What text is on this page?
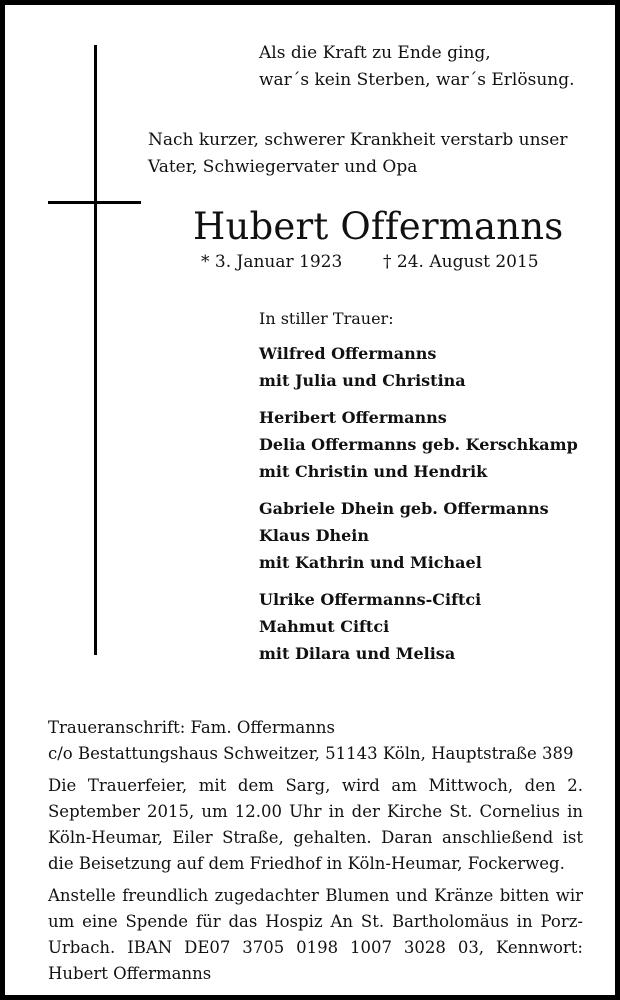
Als die Kraft zu Ende ging,
war´s kein Sterben, war´s Erlösung.
Nach kurzer, schwerer Krankheit verstarb unser Vater, Schwiegervater und Opa
Hubert Offermanns
* 3. Januar 1923 † 24. August 2015
In stiller Trauer:
Wilfred Offermanns
mit Julia und Christina
Heribert Offermanns
Delia Offermanns geb. Kerschkamp
mit Christin und Hendrik
Gabriele Dhein geb. Offermanns
Klaus Dhein
mit Kathrin und Michael
Ulrike Offermanns-Ciftci
Mahmut Ciftci
mit Dilara und Melisa

Traueranschrift: Fam. Offermanns

c/o Bestattungshaus Schweitzer, 51143 Köln, Hauptstraße 389

Die Trauerfeier, mit dem Sarg, wird am Mittwoch, den 2. September 2015, um 12.00 Uhr in der Kirche St. Cornelius in Köln-Heumar, Eiler Straße, gehalten. Daran anschließend ist die Beisetzung auf dem Friedhof in Köln-Heumar, Fockerweg.

Anstelle freundlich zugedachter Blumen und Kränze bitten wir um eine Spende für das Hospiz An St. Bartholomäus in Porz-Urbach. IBAN DE07 3705 0198 1007 3028 03, Kennwort: Hubert Offermanns
